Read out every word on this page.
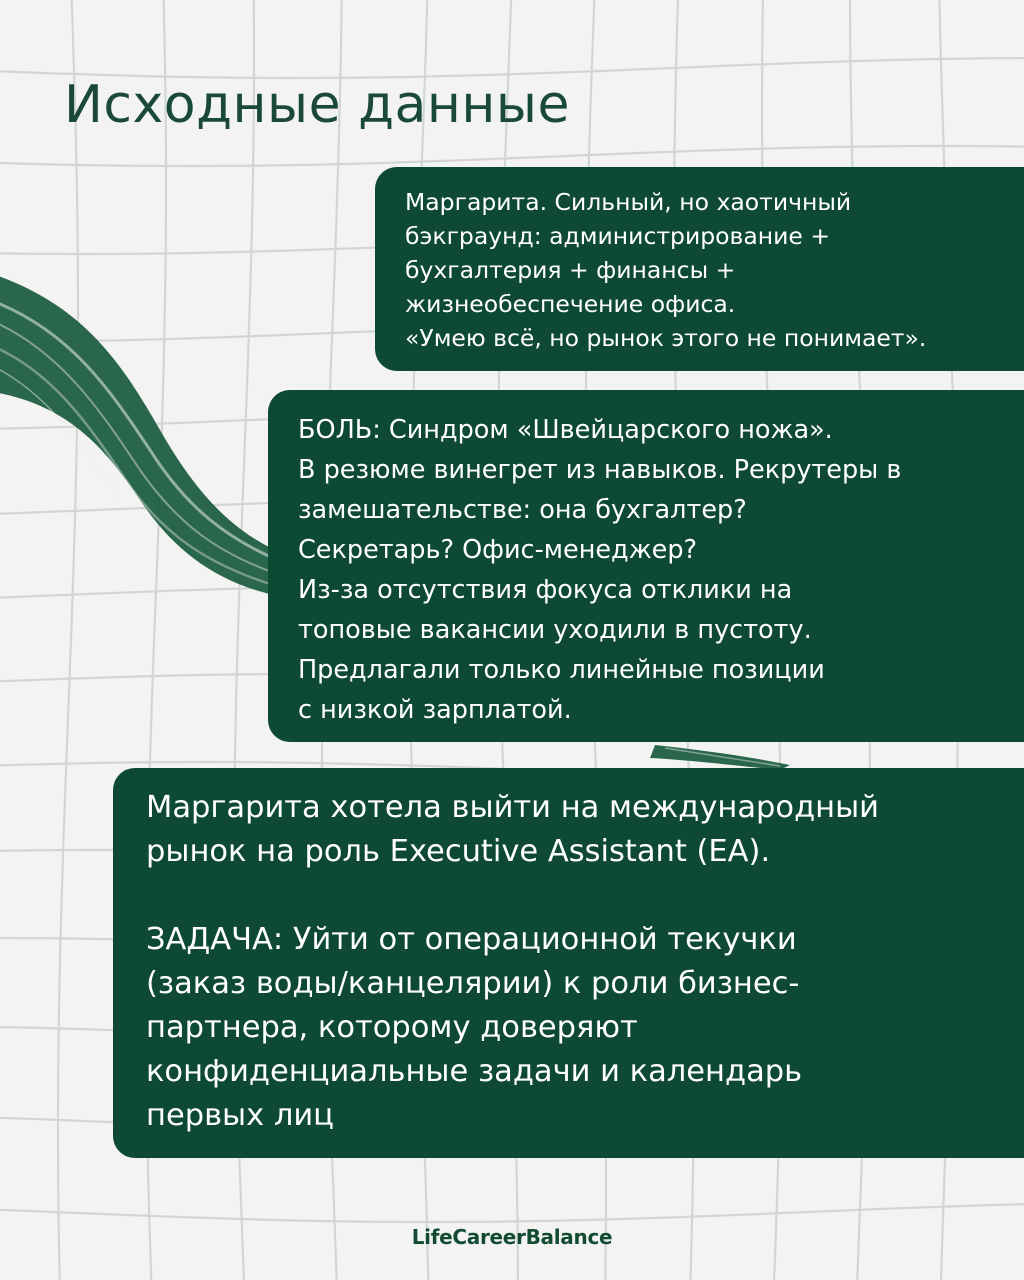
Исходные данные

Маргарита. Сильный, но хаотичный
бэкграунд: администрирование +
бухгалтерия + финансы +
жизнеобеспечение офиса.
«Умею всё, но рынок этого не понимает».

БОЛЬ: Синдром «Швейцарского ножа».
В резюме винегрет из навыков. Рекрутеры в
замешательстве: она бухгалтер?
Секретарь? Офис-менеджер?
Из-за отсутствия фокуса отклики на
топовые вакансии уходили в пустоту.
Предлагали только линейные позиции
с низкой зарплатой.

Маргарита хотела выйти на международный
рынок на роль Executive Assistant (EA).

ЗАДАЧА: Уйти от операционной текучки
(заказ воды/канцелярии) к роли бизнес-
партнера, которому доверяют
конфиденциальные задачи и календарь
первых лиц

LifeCareerBalance
